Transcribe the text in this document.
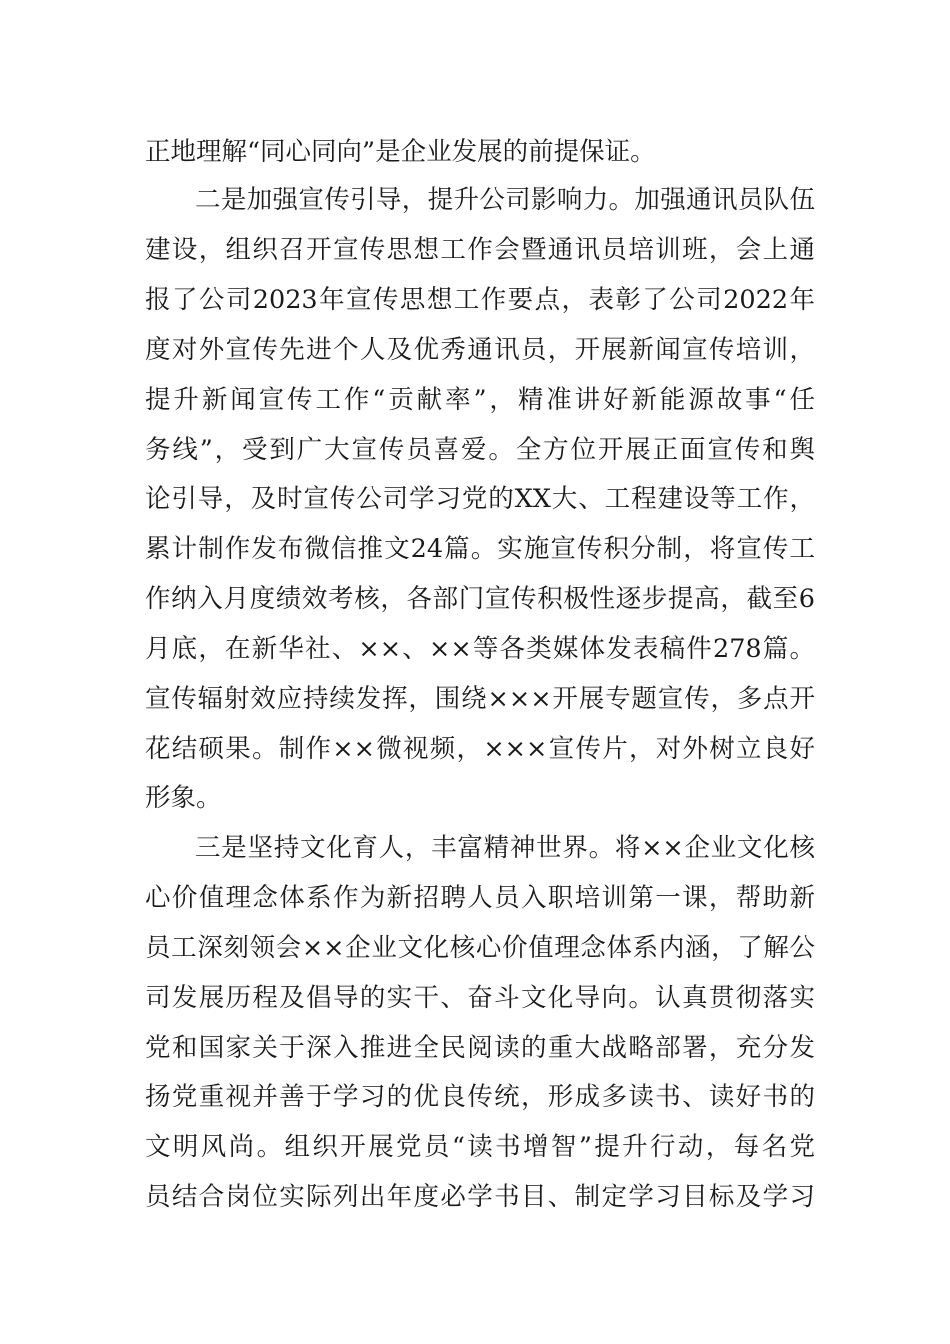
正地理解“同心同向”是企业发展的前提保证。
二是加强宣传引导，提升公司影响力。加强通讯员队伍
建设，组织召开宣传思想工作会暨通讯员培训班，会上通
报了公司2023年宣传思想工作要点，表彰了公司2022年
度对外宣传先进个人及优秀通讯员，开展新闻宣传培训，
提升新闻宣传工作“贡献率”，精准讲好新能源故事“任
务线”，受到广大宣传员喜爱。全方位开展正面宣传和舆
论引导，及时宣传公司学习党的XX大、工程建设等工作，
累计制作发布微信推文24篇。实施宣传积分制，将宣传工
作纳入月度绩效考核，各部门宣传积极性逐步提高，截至6
月底，在新华社、××、××等各类媒体发表稿件278篇。
宣传辐射效应持续发挥，围绕×××开展专题宣传，多点开
花结硕果。制作××微视频，×××宣传片，对外树立良好
形象。
三是坚持文化育人，丰富精神世界。将××企业文化核
心价值理念体系作为新招聘人员入职培训第一课，帮助新
员工深刻领会××企业文化核心价值理念体系内涵，了解公
司发展历程及倡导的实干、奋斗文化导向。认真贯彻落实
党和国家关于深入推进全民阅读的重大战略部署，充分发
扬党重视并善于学习的优良传统，形成多读书、读好书的
文明风尚。组织开展党员“读书增智”提升行动，每名党
员结合岗位实际列出年度必学书目、制定学习目标及学习
